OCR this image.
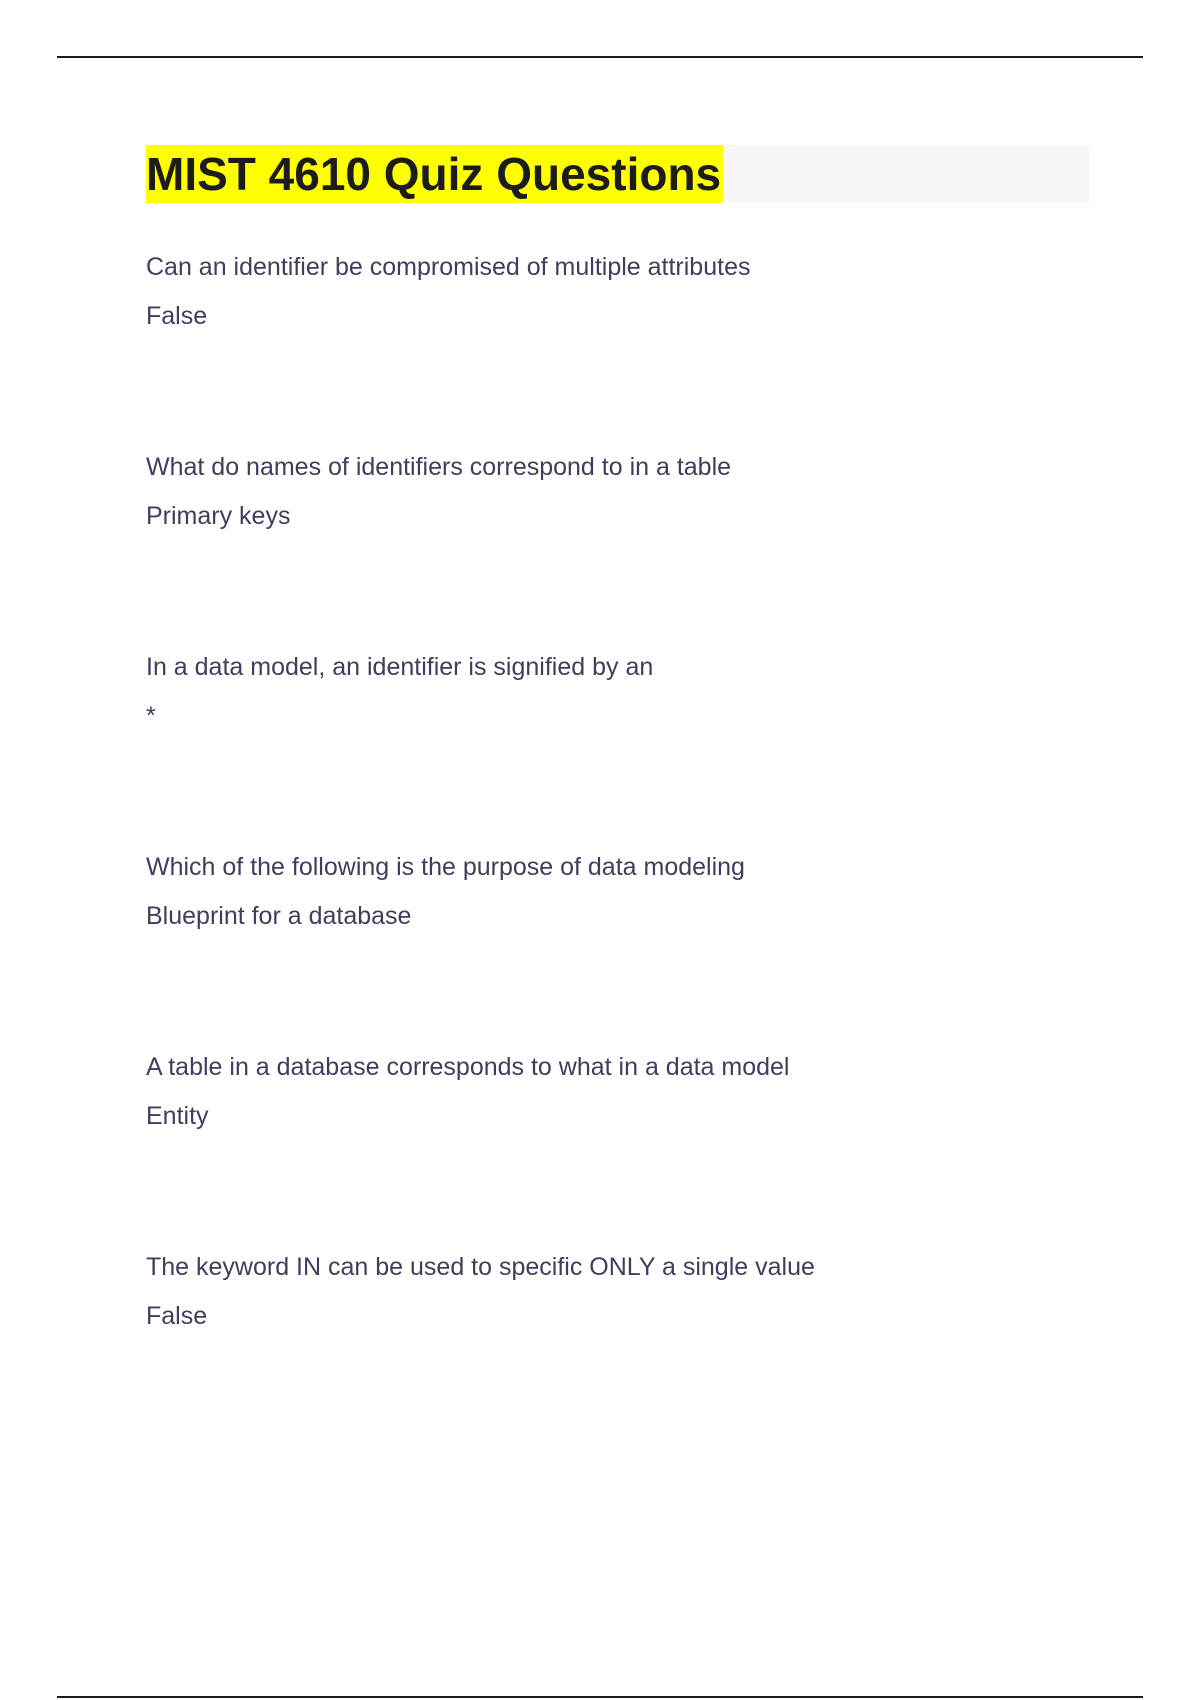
MIST 4610 Quiz Questions

Can an identifier be compromised of multiple attributes

False

What do names of identifiers correspond to in a table

Primary keys

In a data model, an identifier is signified by an

*

Which of the following is the purpose of data modeling

Blueprint for a database

A table in a database corresponds to what in a data model

Entity

The keyword IN can be used to specific ONLY a single value

False
